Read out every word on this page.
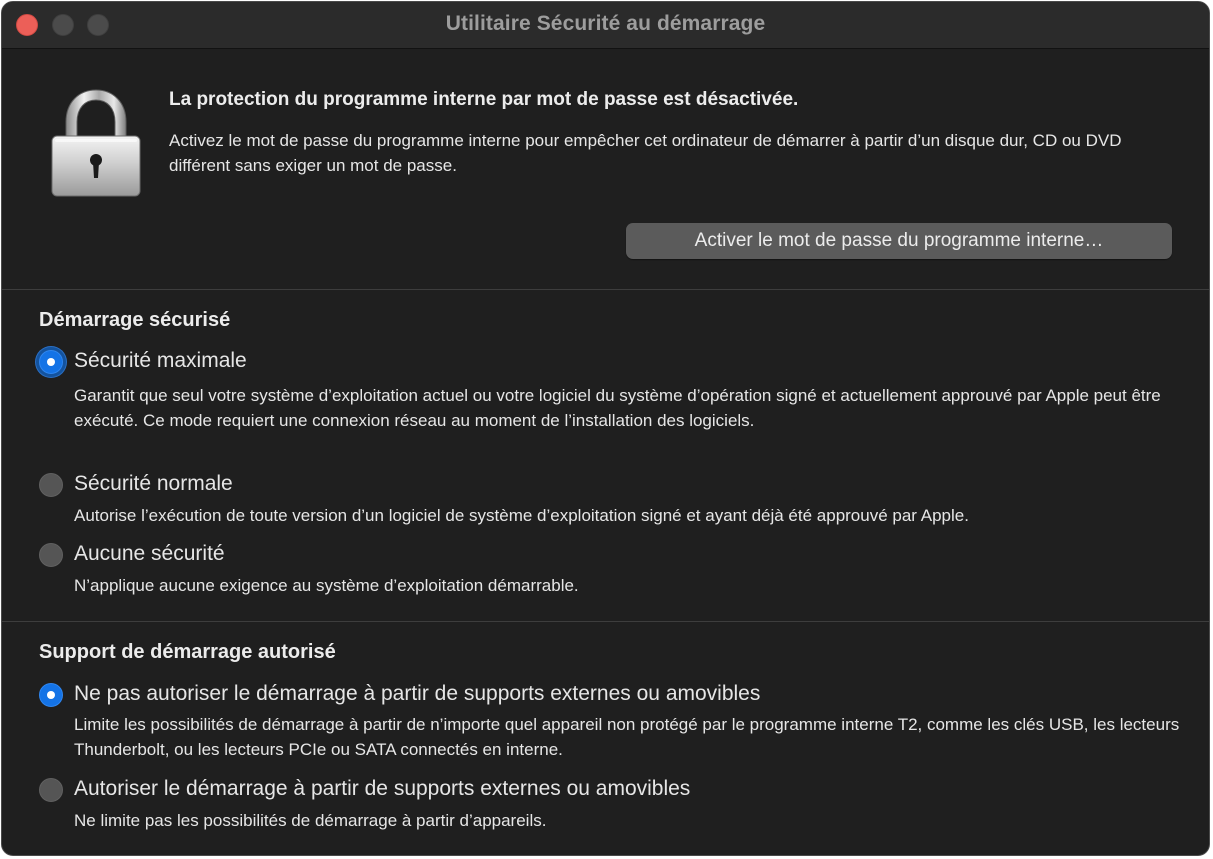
Utilitaire Sécurité au démarrage
La protection du programme interne par mot de passe est désactivée.
Activez le mot de passe du programme interne pour empêcher cet ordinateur de démarrer à partir d’un disque dur, CD ou DVD différent sans exiger un mot de passe.
Activer le mot de passe du programme interne…
Démarrage sécurisé
Sécurité maximale
Garantit que seul votre système d’exploitation actuel ou votre logiciel du système d’opération signé et actuellement approuvé par Apple peut être exécuté. Ce mode requiert une connexion réseau au moment de l’installation des logiciels.
Sécurité normale
Autorise l’exécution de toute version d’un logiciel de système d’exploitation signé et ayant déjà été approuvé par Apple.
Aucune sécurité
N’applique aucune exigence au système d’exploitation démarrable.
Support de démarrage autorisé
Ne pas autoriser le démarrage à partir de supports externes ou amovibles
Limite les possibilités de démarrage à partir de n’importe quel appareil non protégé par le programme interne T2, comme les clés USB, les lecteurs Thunderbolt, ou les lecteurs PCIe ou SATA connectés en interne.
Autoriser le démarrage à partir de supports externes ou amovibles
Ne limite pas les possibilités de démarrage à partir d’appareils.
